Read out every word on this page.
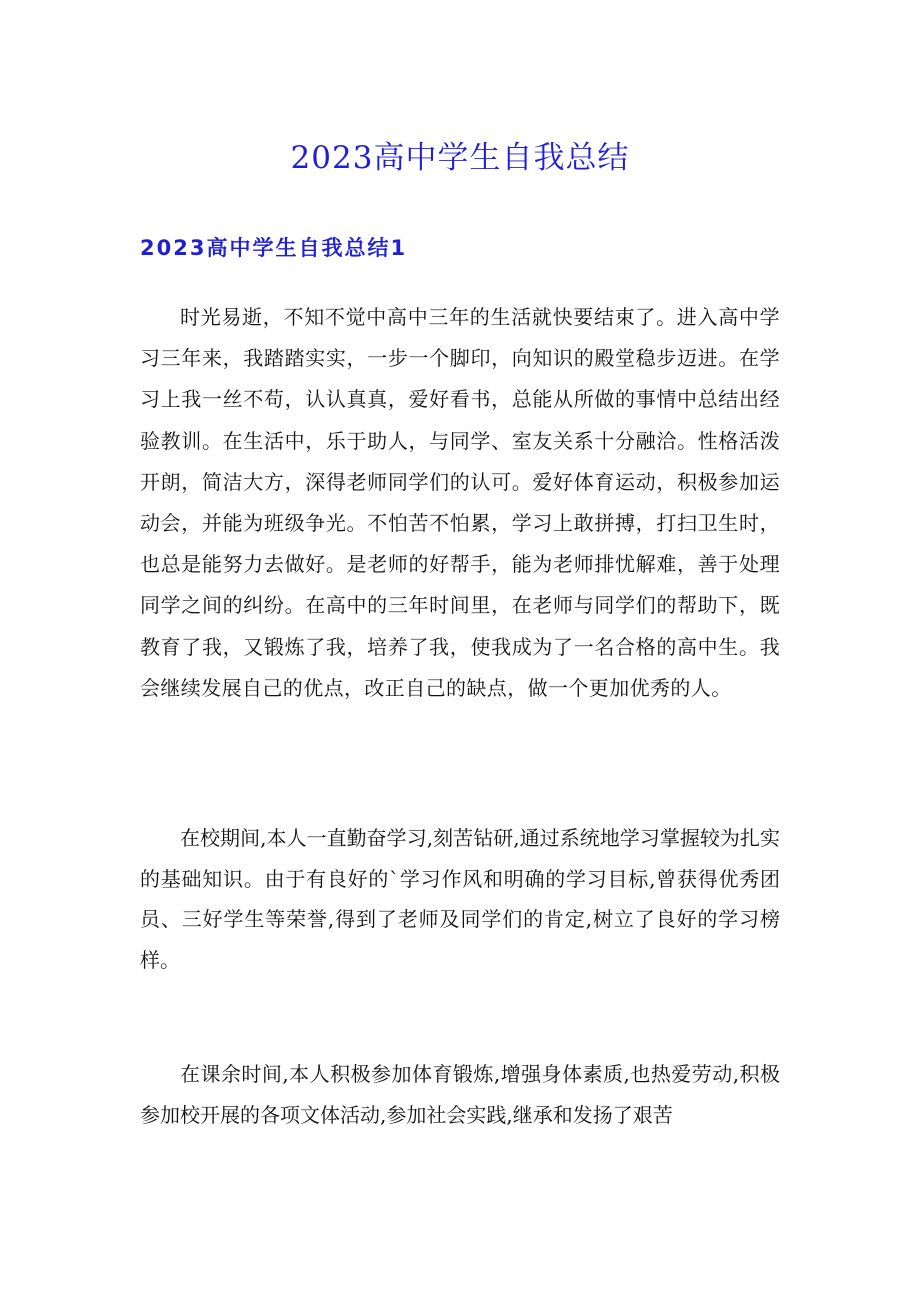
2023高中学生自我总结
2023高中学生自我总结1

时光易逝，不知不觉中高中三年的生活就快要结束了。进入高中学习三年来，我踏踏实实，一步一个脚印，向知识的殿堂稳步迈进。在学习上我一丝不苟，认认真真，爱好看书，总能从所做的事情中总结出经验教训。在生活中，乐于助人，与同学、室友关系十分融洽。性格活泼开朗，简洁大方，深得老师同学们的认可。爱好体育运动，积极参加运动会，并能为班级争光。不怕苦不怕累，学习上敢拼搏，打扫卫生时，也总是能努力去做好。是老师的好帮手，能为老师排忧解难，善于处理同学之间的纠纷。在高中的三年时间里，在老师与同学们的帮助下，既教育了我，又锻炼了我，培养了我，使我成为了一名合格的高中生。我会继续发展自己的优点，改正自己的缺点，做一个更加优秀的人。

在校期间,本人一直勤奋学习,刻苦钻研,通过系统地学习掌握较为扎实的基础知识。由于有良好的`学习作风和明确的学习目标,曾获得优秀团员、三好学生等荣誉,得到了老师及同学们的肯定,树立了良好的学习榜样。

在课余时间,本人积极参加体育锻炼,增强身体素质,也热爱劳动,积极参加校开展的各项文体活动,参加社会实践,继承和发扬了艰苦
